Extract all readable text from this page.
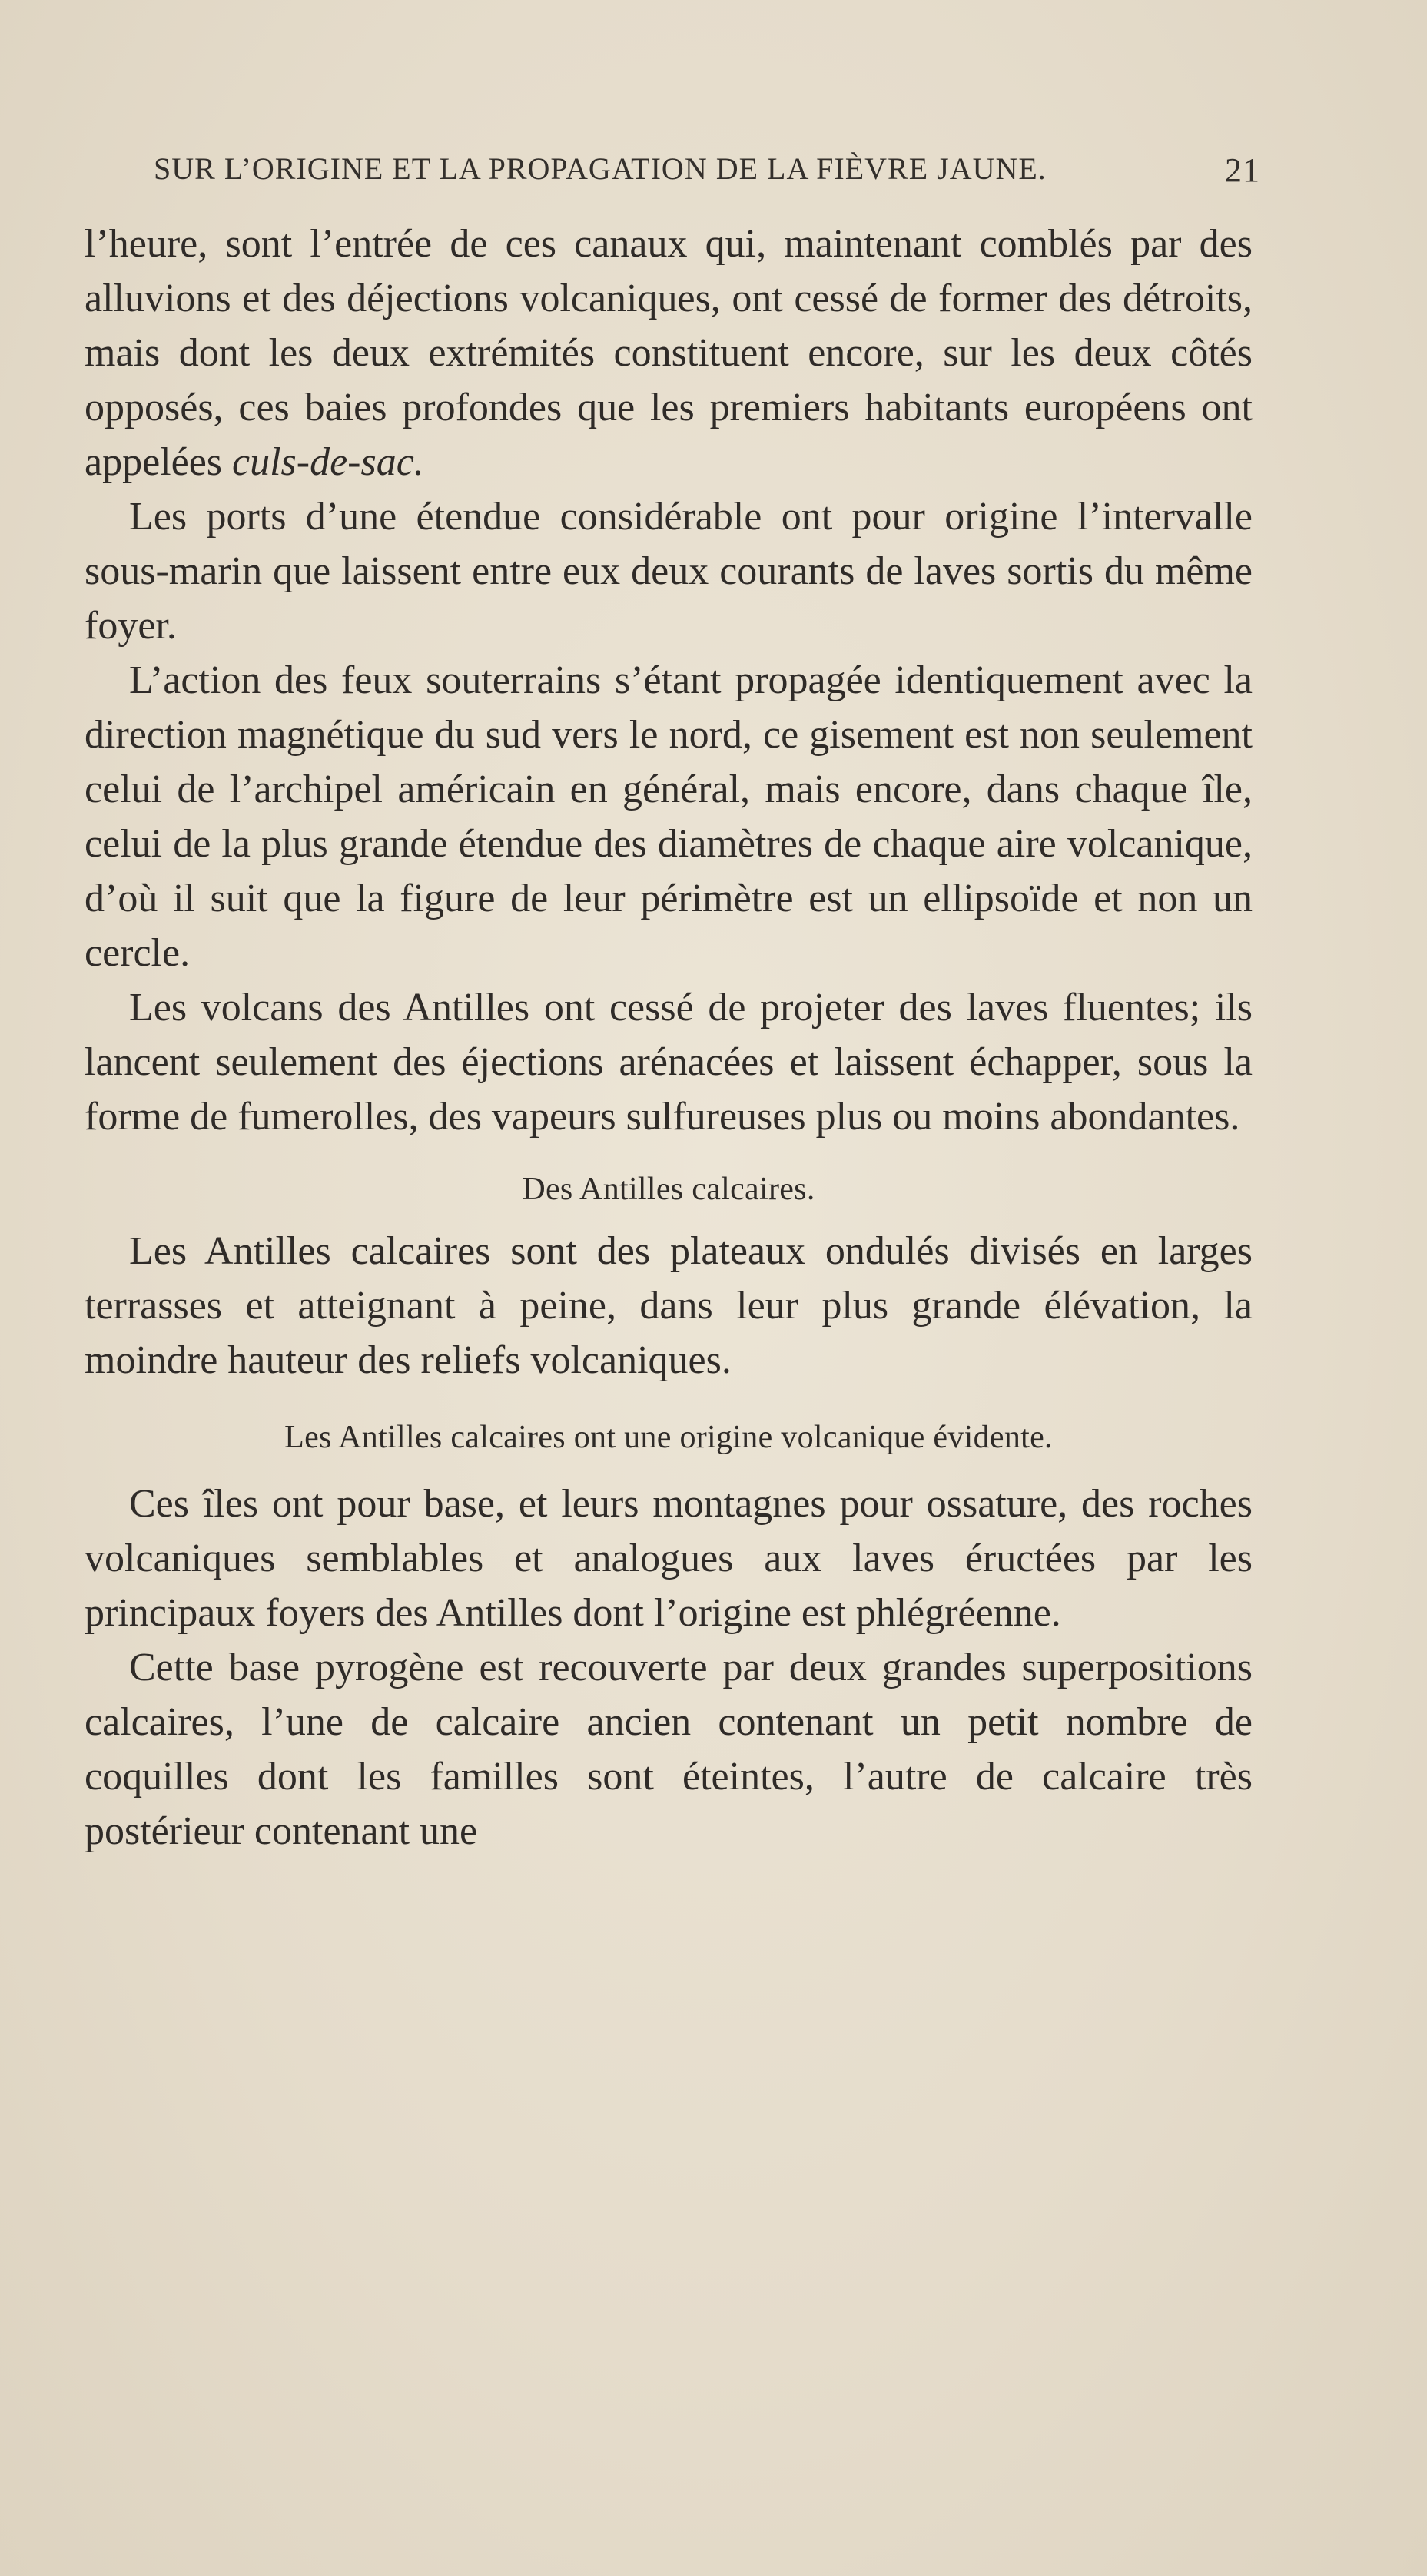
SUR L’ORIGINE ET LA PROPAGATION DE LA FIÈVRE JAUNE.	21

l’heure, sont l’entrée de ces canaux qui, maintenant comblés par des alluvions et des déjections volcaniques, ont cessé de former des détroits, mais dont les deux extrémités constituent encore, sur les deux côtés opposés, ces baies profondes que les premiers habitants européens ont appelées culs-de-sac.

Les ports d’une étendue considérable ont pour origine l’intervalle sous-marin que laissent entre eux deux courants de laves sortis du même foyer.

L’action des feux souterrains s’étant propagée identiquement avec la direction magnétique du sud vers le nord, ce gisement est non seulement celui de l’archipel américain en général, mais encore, dans chaque île, celui de la plus grande étendue des diamètres de chaque aire volcanique, d’où il suit que la figure de leur périmètre est un ellipsoïde et non un cercle.

Les volcans des Antilles ont cessé de projeter des laves fluentes; ils lancent seulement des éjections arénacées et laissent échapper, sous la forme de fumerolles, des vapeurs sulfureuses plus ou moins abondantes.

Des Antilles calcaires.

Les Antilles calcaires sont des plateaux ondulés divisés en larges terrasses et atteignant à peine, dans leur plus grande élévation, la moindre hauteur des reliefs volcaniques.

Les Antilles calcaires ont une origine volcanique évidente.

Ces îles ont pour base, et leurs montagnes pour ossature, des roches volcaniques semblables et analogues aux laves éructées par les principaux foyers des Antilles dont l’origine est phlégréenne.

Cette base pyrogène est recouverte par deux grandes superpositions calcaires, l’une de calcaire ancien contenant un petit nombre de coquilles dont les familles sont éteintes, l’autre de calcaire très postérieur contenant une
